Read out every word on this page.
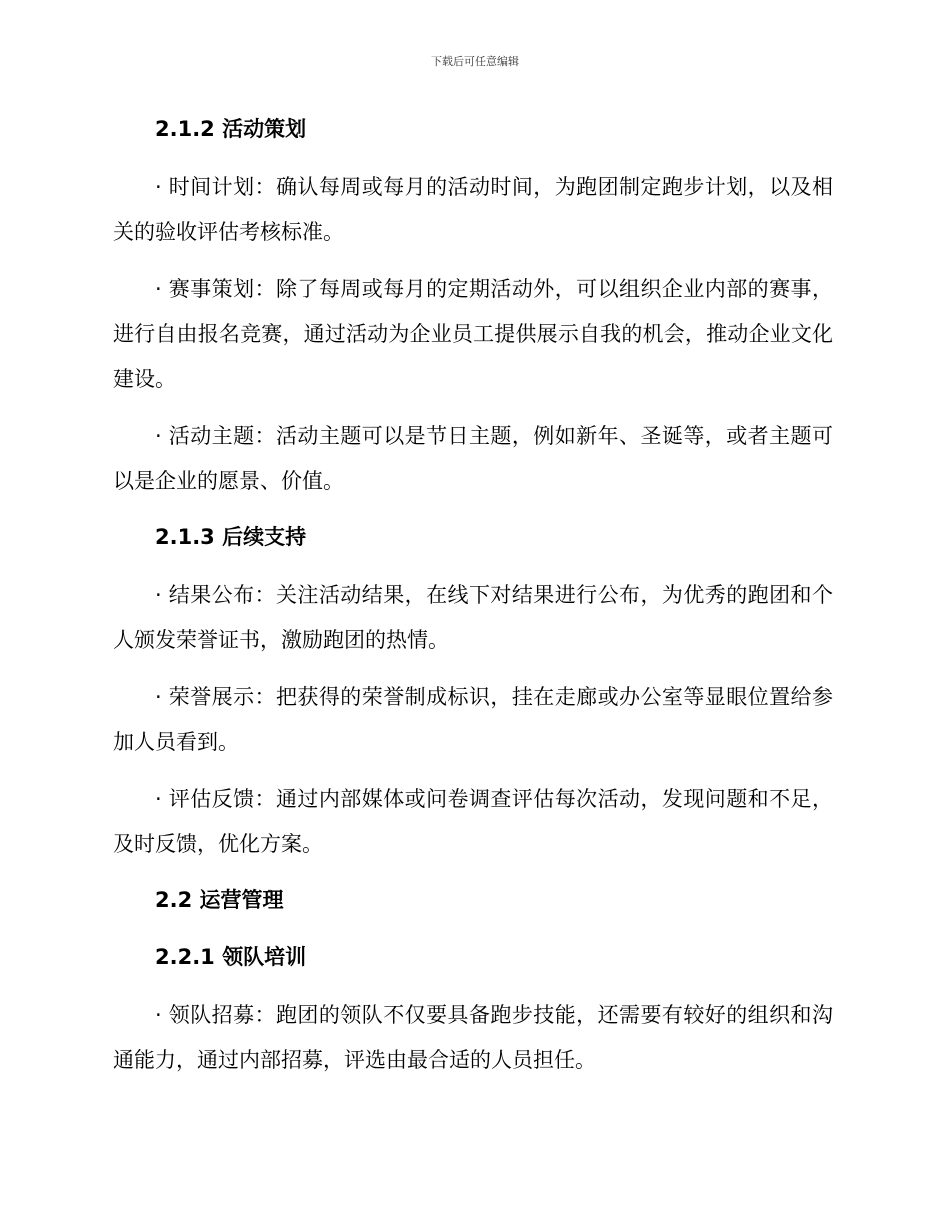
下载后可任意编辑
2.1.2 活动策划

· 时间计划：确认每周或每月的活动时间，为跑团制定跑步计划，以及相关的验收评估考核标准。

· 赛事策划：除了每周或每月的定期活动外，可以组织企业内部的赛事，进行自由报名竞赛，通过活动为企业员工提供展示自我的机会，推动企业文化建设。

· 活动主题：活动主题可以是节日主题，例如新年、圣诞等，或者主题可以是企业的愿景、价值。

2.1.3 后续支持

· 结果公布：关注活动结果，在线下对结果进行公布，为优秀的跑团和个人颁发荣誉证书，激励跑团的热情。

· 荣誉展示：把获得的荣誉制成标识，挂在走廊或办公室等显眼位置给参加人员看到。

· 评估反馈：通过内部媒体或问卷调查评估每次活动，发现问题和不足，及时反馈，优化方案。

2.2 运营管理
2.2.1 领队培训

· 领队招募：跑团的领队不仅要具备跑步技能，还需要有较好的组织和沟通能力，通过内部招募，评选由最合适的人员担任。
